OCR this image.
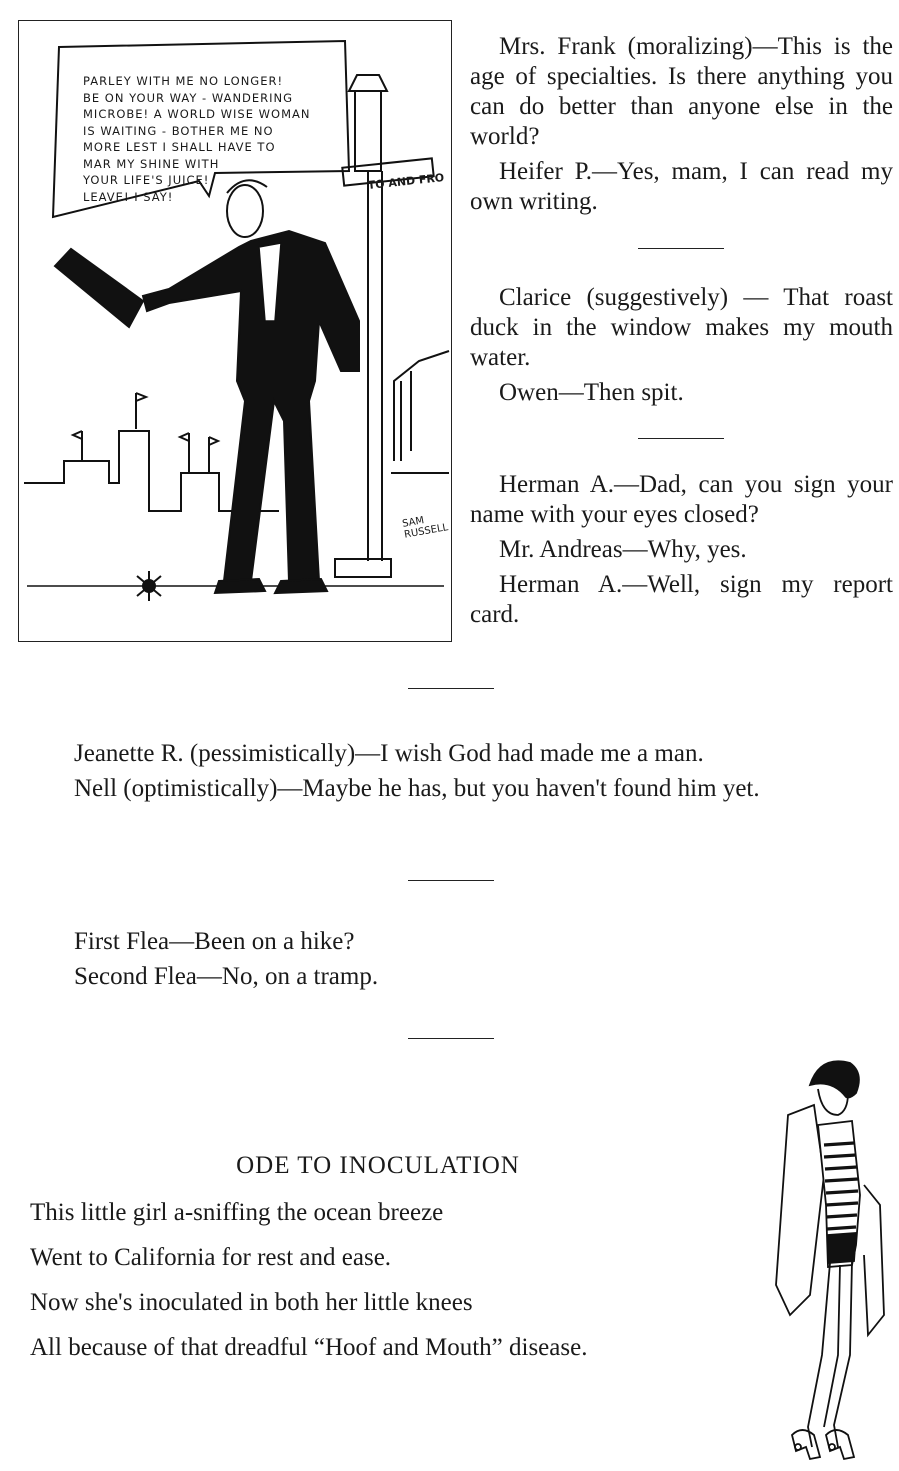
PARLEY WITH ME NO LONGER!
BE ON YOUR WAY - WANDERING
MICROBE! A WORLD WISE WOMAN
IS WAITING - BOTHER ME NO
MORE LEST I SHALL HAVE TO
MAR MY SHINE WITH
YOUR LIFE'S JUICE!
LEAVE! I SAY!
TO AND FRO
SAM RUSSELL

Mrs. Frank (moralizing)—This is the age of specialties. Is there anything you can do better than anyone else in the world?

Heifer P.—Yes, mam, I can read my own writing.

Clarice (suggestively) — That roast duck in the window makes my mouth water.

Owen—Then spit.

Herman A.—Dad, can you sign your name with your eyes closed?

Mr. Andreas—Why, yes.

Herman A.—Well, sign my report card.

Jeanette R. (pessimistically)—I wish God had made me a man.

Nell (optimistically)—Maybe he has, but you haven't found him yet.

First Flea—Been on a hike?

Second Flea—No, on a tramp.

ODE TO INOCULATION
This little girl a-sniffing the ocean breeze
Went to California for rest and ease.
Now she's inoculated in both her little knees
All because of that dreadful “Hoof and Mouth” disease.
